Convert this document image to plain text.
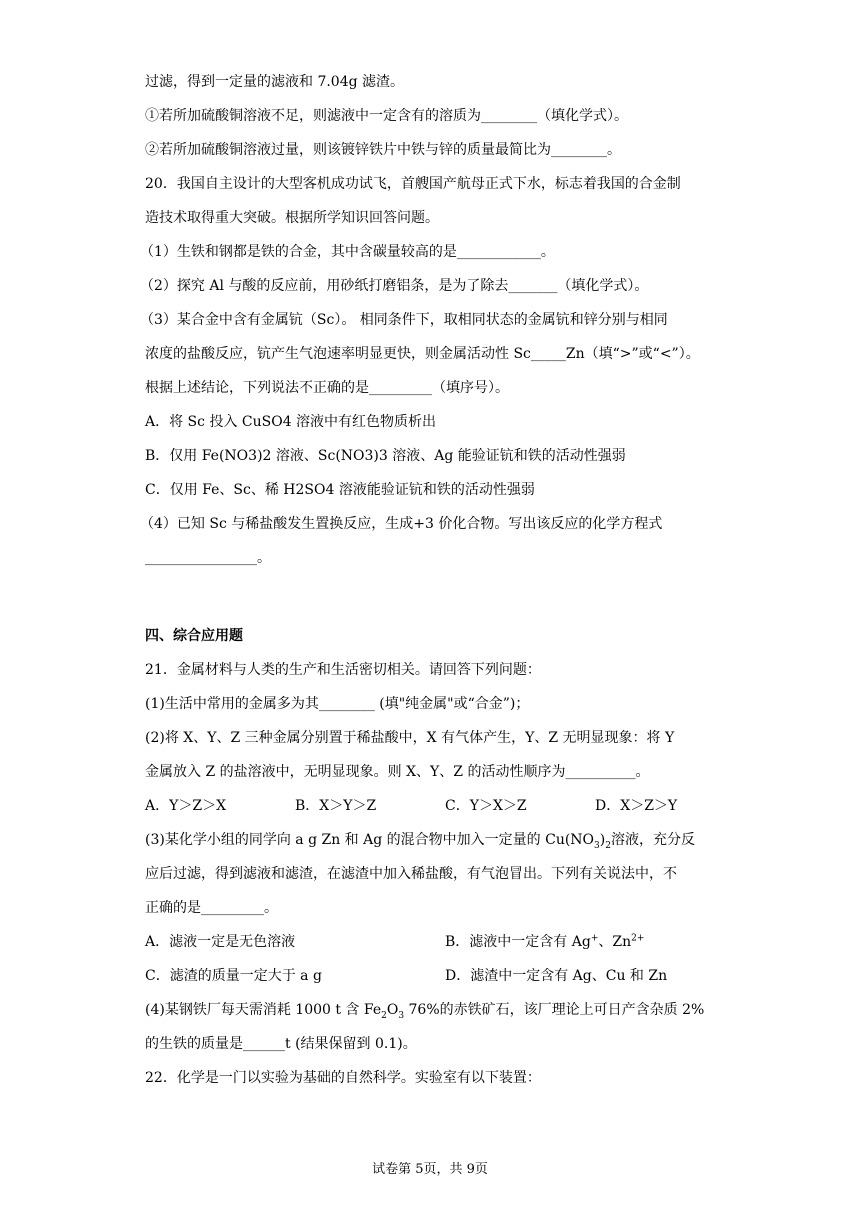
过滤，得到一定量的滤液和 7.04g 滤渣。
①若所加硫酸铜溶液不足，则滤液中一定含有的溶质为________（填化学式）。
②若所加硫酸铜溶液过量，则该镀锌铁片中铁与锌的质量最简比为________。
20．我国自主设计的大型客机成功试飞，首艘国产航母正式下水，标志着我国的合金制
造技术取得重大突破。根据所学知识回答问题。
（1）生铁和钢都是铁的合金，其中含碳量较高的是____________。
（2）探究 Al 与酸的反应前，用砂纸打磨铝条，是为了除去_______（填化学式）。
（3）某合金中含有金属钪（Sc）。 相同条件下，取相同状态的金属钪和锌分别与相同
浓度的盐酸反应，钪产生气泡速率明显更快，则金属活动性 Sc_____Zn（填“>”或“<”）。
根据上述结论，下列说法不正确的是_________（填序号）。
A．将 Sc 投入 CuSO4 溶液中有红色物质析出
B．仅用 Fe(NO3)2 溶液、Sc(NO3)3 溶液、Ag 能验证钪和铁的活动性强弱
C．仅用 Fe、Sc、稀 H2SO4 溶液能验证钪和铁的活动性强弱
（4）已知 Sc 与稀盐酸发生置换反应，生成+3 价化合物。写出该反应的化学方程式
________________。
四、综合应用题
21．金属材料与人类的生产和生活密切相关。请回答下列问题：
(1)生活中常用的金属多为其________ (填"纯金属"或“合金”)；
(2)将 X、Y、Z 三种金属分别置于稀盐酸中，X 有气体产生，Y、Z 无明显现象：将 Y
金属放入 Z 的盐溶液中，无明显现象。则 X、Y、Z 的活动性顺序为__________。
A．Y＞Z＞X	B．X＞Y＞Z	C．Y＞X＞Z	D．X＞Z＞Y
(3)某化学小组的同学向 a g Zn 和 Ag 的混合物中加入一定量的 $Cu(NO_3)_2$溶液，充分反
应后过滤，得到滤液和滤渣，在滤渣中加入稀盐酸，有气泡冒出。下列有关说法中，不
正确的是_________。
A．滤液一定是无色溶液	B．滤液中一定含有 Ag+、$Zn^{2+}$
C．滤渣的质量一定大于 a g	D．滤渣中一定含有 Ag、Cu 和 Zn
(4)某钢铁厂每天需消耗 1000 t 含 $Fe_2O_3$ 76%的赤铁矿石，该厂理论上可日产含杂质 2%
的生铁的质量是______t (结果保留到 0.1)。
22．化学是一门以实验为基础的自然科学。实验室有以下装置：
试卷第 5页，共 9页
